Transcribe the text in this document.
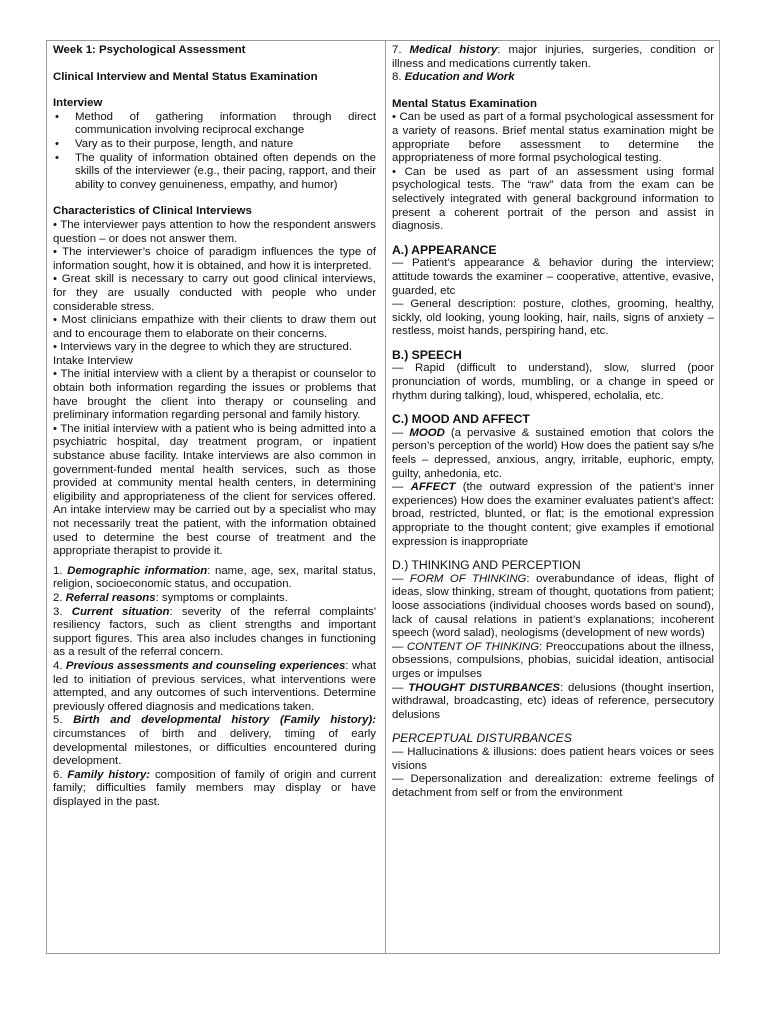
Week 1: Psychological Assessment

Clinical Interview and Mental Status Examination

Interview

• Method of gathering information through direct communication involving reciprocal exchange
• Vary as to their purpose, length, and nature
• The quality of information obtained often depends on the skills of the interviewer (e.g., their pacing, rapport, and their ability to convey genuineness, empathy, and humor)

Characteristics of Clinical Interviews

• The interviewer pays attention to how the respondent answers question – or does not answer them.

• The interviewer’s choice of paradigm influences the type of information sought, how it is obtained, and how it is interpreted.

• Great skill is necessary to carry out good clinical interviews, for they are usually conducted with people who under considerable stress.

• Most clinicians empathize with their clients to draw them out and to encourage them to elaborate on their concerns.

• Interviews vary in the degree to which they are structured.

Intake Interview

• The initial interview with a client by a therapist or counselor to obtain both information regarding the issues or problems that have brought the client into therapy or counseling and preliminary information regarding personal and family history.

• The initial interview with a patient who is being admitted into a psychiatric hospital, day treatment program, or inpatient substance abuse facility. Intake interviews are also common in government-funded mental health services, such as those provided at community mental health centers, in determining eligibility and appropriateness of the client for services offered. An intake interview may be carried out by a specialist who may not necessarily treat the patient, with the information obtained used to determine the best course of treatment and the appropriate therapist to provide it.

1. Demographic information: name, age, sex, marital status, religion, socioeconomic status, and occupation.

2. Referral reasons: symptoms or complaints.

3. Current situation: severity of the referral complaints' resiliency factors, such as client strengths and important support figures. This area also includes changes in functioning as a result of the referral concern.

4. Previous assessments and counseling experiences: what led to initiation of previous services, what interventions were attempted, and any outcomes of such interventions. Determine previously offered diagnosis and medications taken.

5. Birth and developmental history (Family history): circumstances of birth and delivery, timing of early developmental milestones, or difficulties encountered during development.

6. Family history: composition of family of origin and current family; difficulties family members may display or have displayed in the past.

7. Medical history: major injuries, surgeries, condition or illness and medications currently taken.

8. Education and Work

Mental Status Examination

• Can be used as part of a formal psychological assessment for a variety of reasons. Brief mental status examination might be appropriate before assessment to determine the appropriateness of more formal psychological testing.

• Can be used as part of an assessment using formal psychological tests. The “raw” data from the exam can be selectively integrated with general background information to present a coherent portrait of the person and assist in diagnosis.

A.) APPEARANCE

— Patient’s appearance & behavior during the interview; attitude towards the examiner – cooperative, attentive, evasive, guarded, etc

— General description: posture, clothes, grooming, healthy, sickly, old looking, young looking, hair, nails, signs of anxiety – restless, moist hands, perspiring hand, etc.

B.) SPEECH

— Rapid (difficult to understand), slow, slurred (poor pronunciation of words, mumbling, or a change in speed or rhythm during talking), loud, whispered, echolalia, etc.

C.) MOOD AND AFFECT

— MOOD (a pervasive & sustained emotion that colors the person’s perception of the world) How does the patient say s/he feels – depressed, anxious, angry, irritable, euphoric, empty, guilty, anhedonia, etc.

— AFFECT (the outward expression of the patient’s inner experiences) How does the examiner evaluates patient’s affect: broad, restricted, blunted, or flat; is the emotional expression appropriate to the thought content; give examples if emotional expression is inappropriate

D.) THINKING AND PERCEPTION

— FORM OF THINKING: overabundance of ideas, flight of ideas, slow thinking, stream of thought, quotations from patient; loose associations (individual chooses words based on sound), lack of causal relations in patient’s explanations; incoherent speech (word salad), neologisms (development of new words)

— CONTENT OF THINKING: Preoccupations about the illness, obsessions, compulsions, phobias, suicidal ideation, antisocial urges or impulses

— THOUGHT DISTURBANCES: delusions (thought insertion, withdrawal, broadcasting, etc) ideas of reference, persecutory delusions

PERCEPTUAL DISTURBANCES

— Hallucinations & illusions: does patient hears voices or sees visions

— Depersonalization and derealization: extreme feelings of detachment from self or from the environment
